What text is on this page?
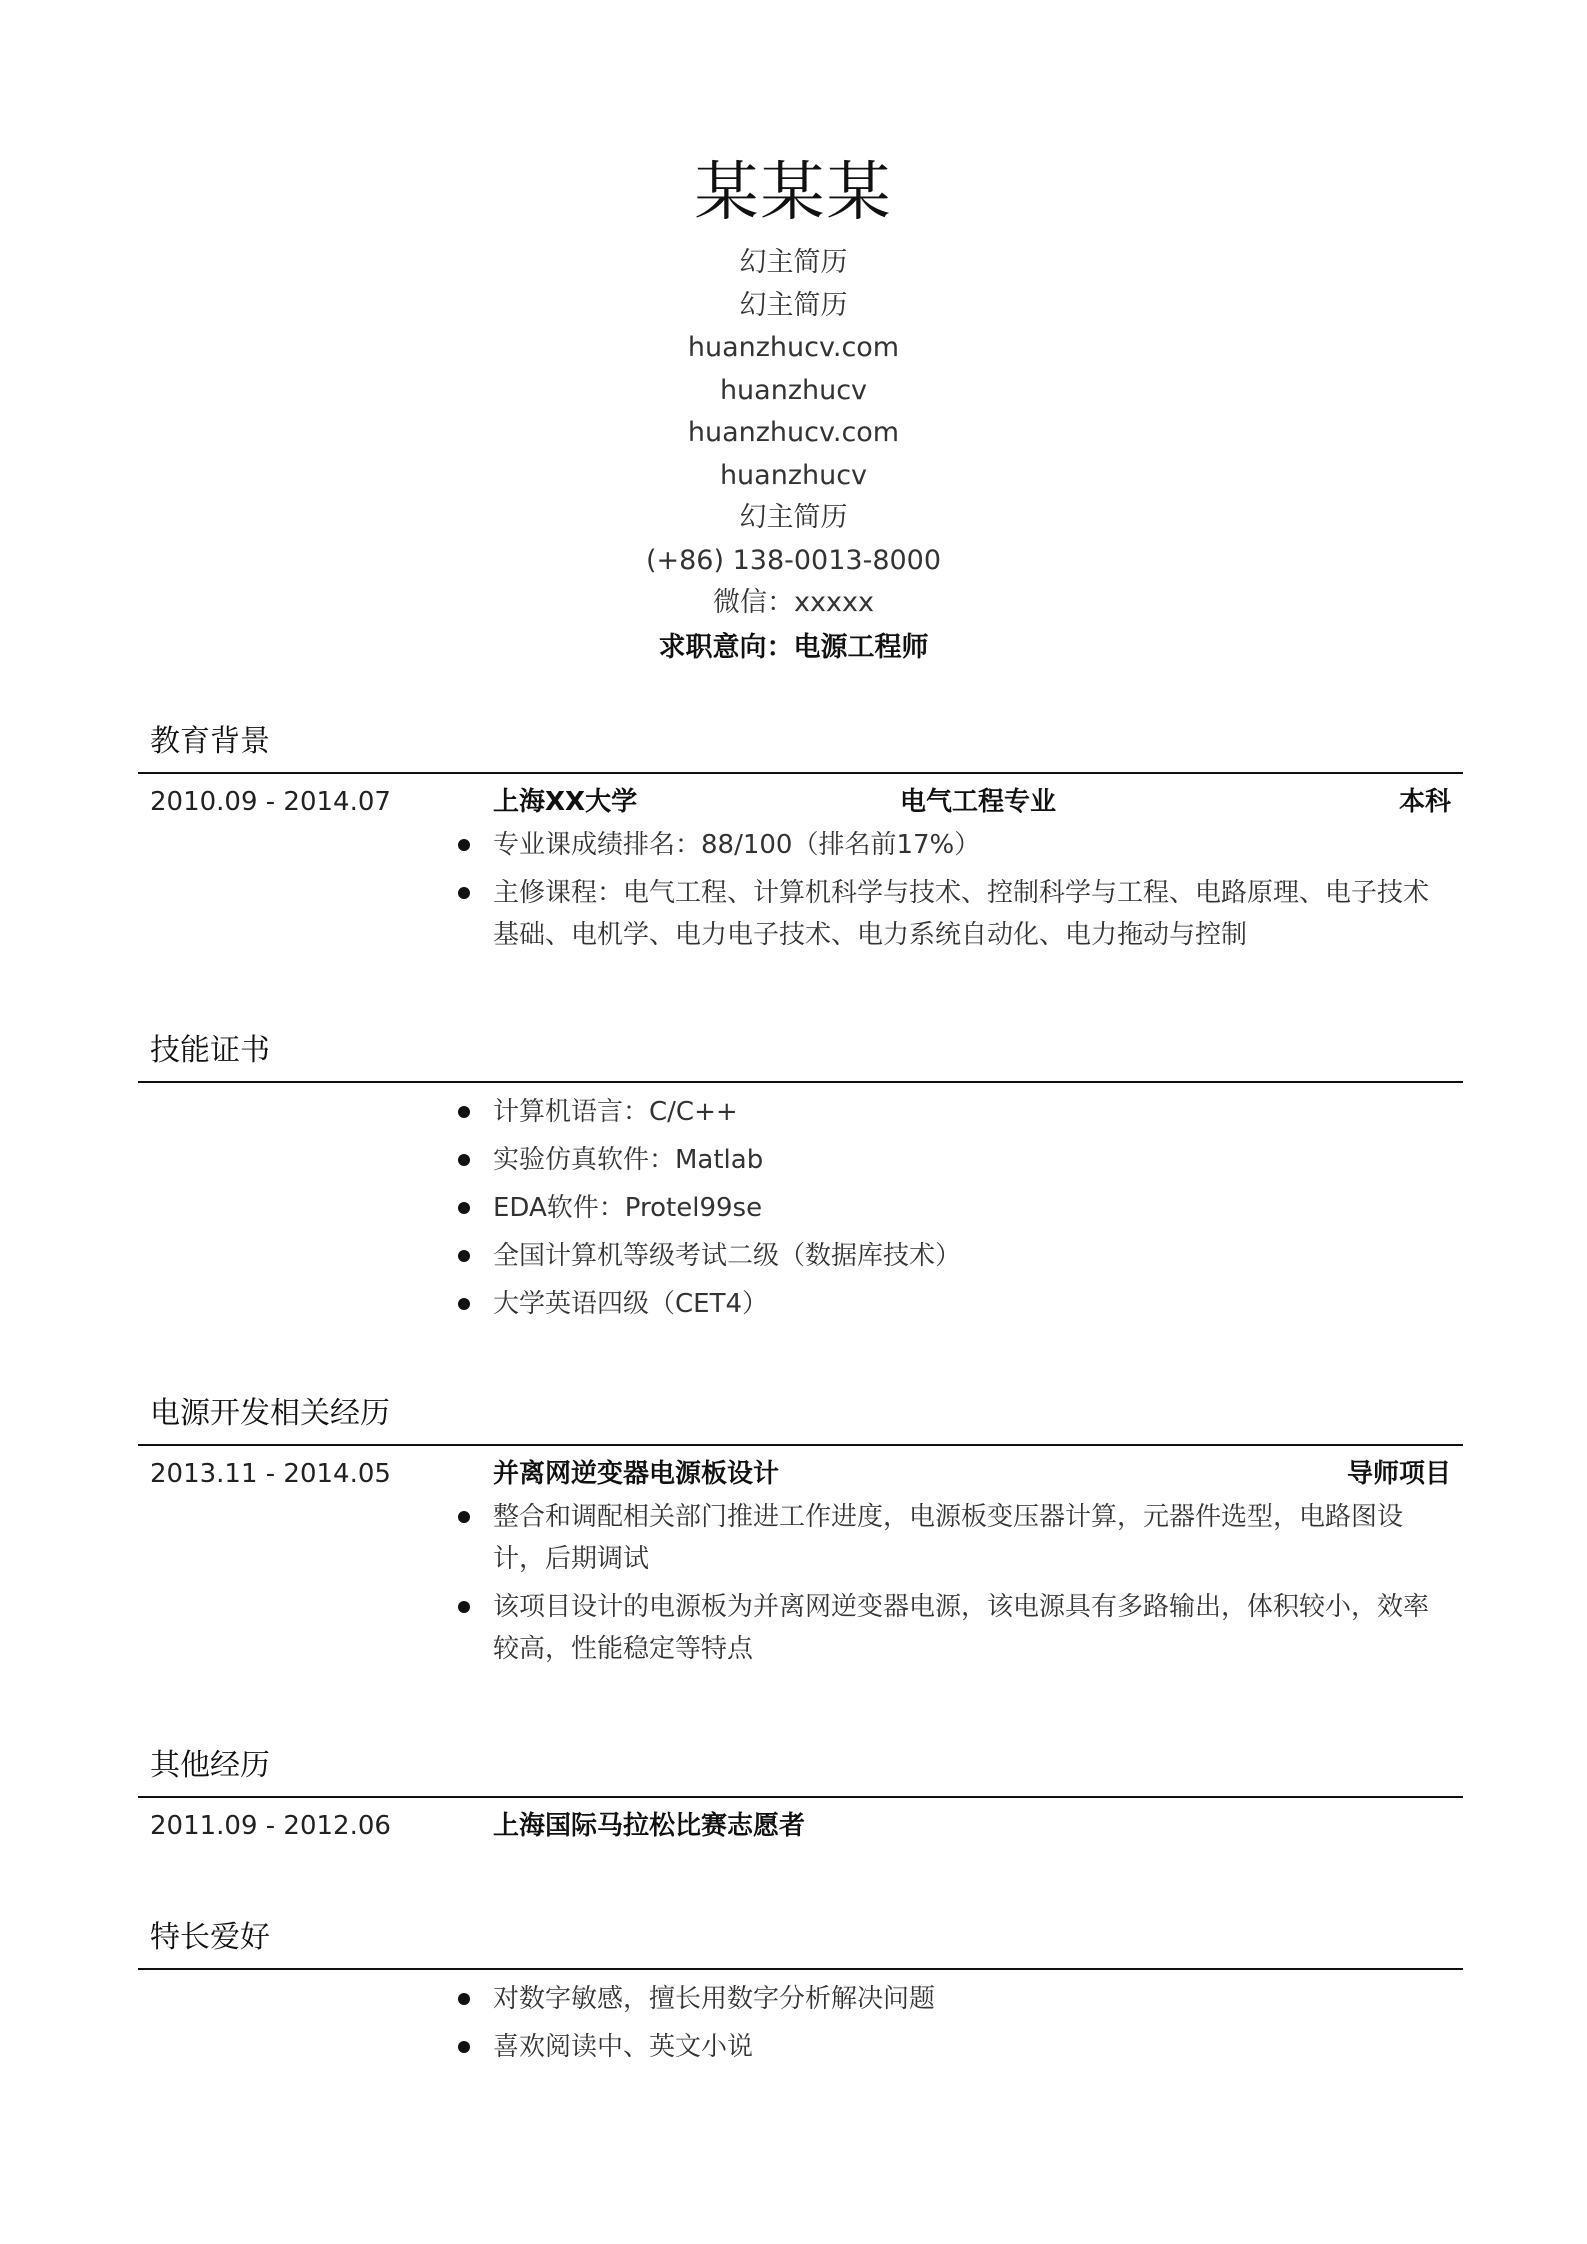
某某某
幻主简历
幻主简历
huanzhucv.com
huanzhucv
huanzhucv.com
huanzhucv
幻主简历
(+86) 138-0013-8000
微信：xxxxx
求职意向：电源工程师
教育背景
2010.09 - 2014.07	上海XX大学	电气工程专业	本科
专业课成绩排名：88/100（排名前17%）
主修课程：电气工程、计算机科学与技术、控制科学与工程、电路原理、电子技术基础、电机学、电力电子技术、电力系统自动化、电力拖动与控制
技能证书
计算机语言：C/C++
实验仿真软件：Matlab
EDA软件：Protel99se
全国计算机等级考试二级（数据库技术）
大学英语四级（CET4）
电源开发相关经历
2013.11 - 2014.05	并离网逆变器电源板设计	导师项目
整合和调配相关部门推进工作进度，电源板变压器计算，元器件选型，电路图设计，后期调试
该项目设计的电源板为并离网逆变器电源，该电源具有多路输出，体积较小，效率较高，性能稳定等特点
其他经历
2011.09 - 2012.06	上海国际马拉松比赛志愿者
特长爱好
对数字敏感，擅长用数字分析解决问题
喜欢阅读中、英文小说
